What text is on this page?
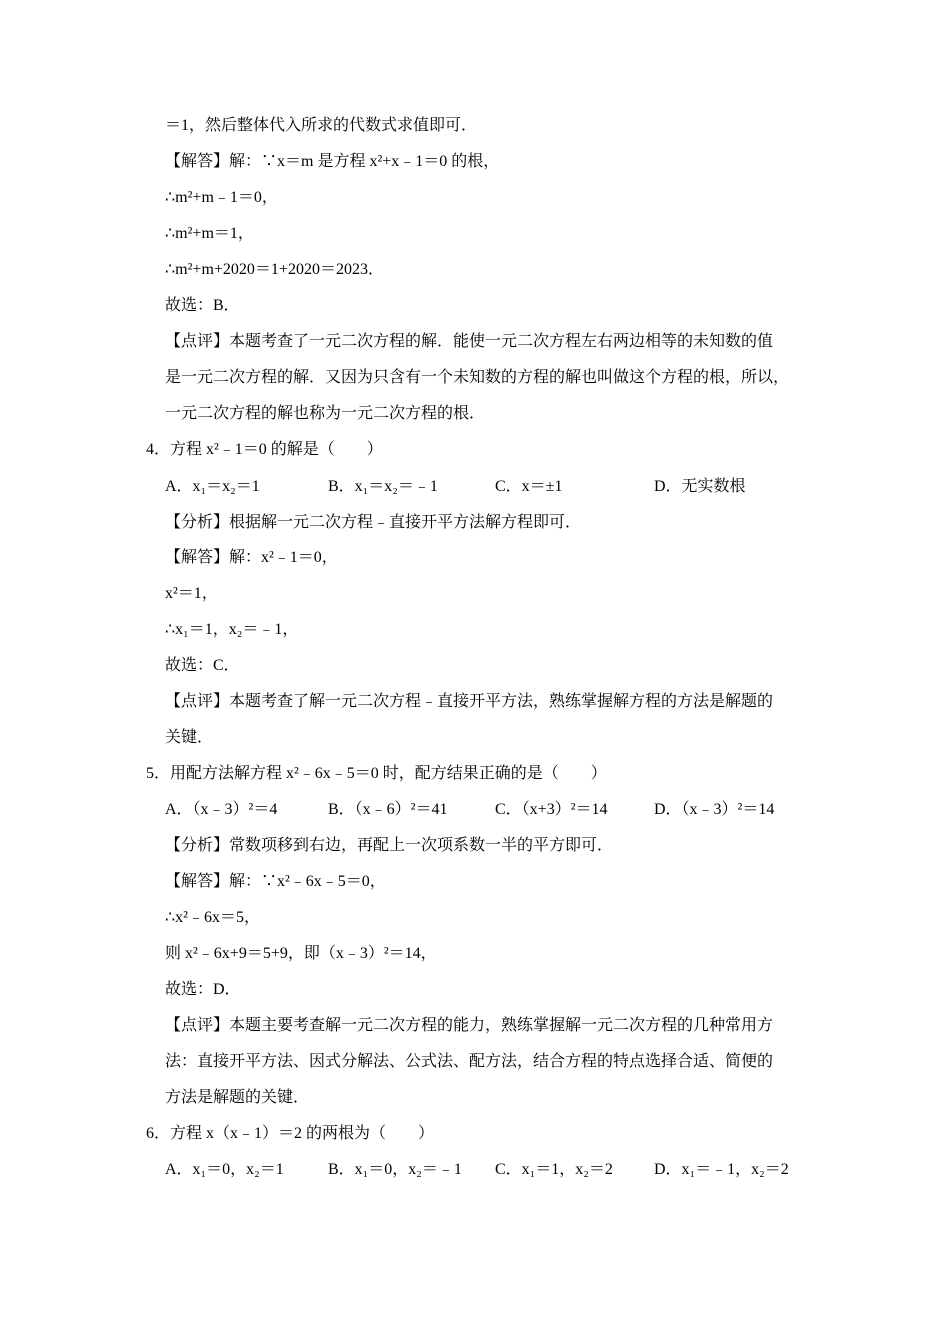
＝1，然后整体代入所求的代数式求值即可．
【解答】解：∵x＝m 是方程 x²+x﹣1＝0 的根，
∴m²+m﹣1＝0，
∴m²+m＝1，
∴m²+m+2020＝1+2020＝2023．
故选：B．
【点评】本题考查了一元二次方程的解．能使一元二次方程左右两边相等的未知数的值
是一元二次方程的解．又因为只含有一个未知数的方程的解也叫做这个方程的根，所以，
一元二次方程的解也称为一元二次方程的根．
4．方程 x²﹣1＝0 的解是（　　）
A．x₁＝x₂＝1	B．x₁＝x₂＝﹣1	C．x＝±1	D．无实数根
【分析】根据解一元二次方程﹣直接开平方法解方程即可．
【解答】解：x²﹣1＝0，
x²＝1，
∴x₁＝1，x₂＝﹣1，
故选：C．
【点评】本题考查了解一元二次方程﹣直接开平方法，熟练掌握解方程的方法是解题的
关键．
5．用配方法解方程 x²﹣6x﹣5＝0 时，配方结果正确的是（　　）
A．（x﹣3）²＝4	B．（x﹣6）²＝41	C．（x+3）²＝14	D．（x﹣3）²＝14
【分析】常数项移到右边，再配上一次项系数一半的平方即可．
【解答】解：∵x²﹣6x﹣5＝0，
∴x²﹣6x＝5，
则 x²﹣6x+9＝5+9，即（x﹣3）²＝14，
故选：D．
【点评】本题主要考查解一元二次方程的能力，熟练掌握解一元二次方程的几种常用方
法：直接开平方法、因式分解法、公式法、配方法，结合方程的特点选择合适、简便的
方法是解题的关键．
6．方程 x（x﹣1）＝2 的两根为（　　）
A．x₁＝0，x₂＝1	B．x₁＝0，x₂＝﹣1 C．x₁＝1，x₂＝2	D．x₁＝﹣1，x₂＝2
